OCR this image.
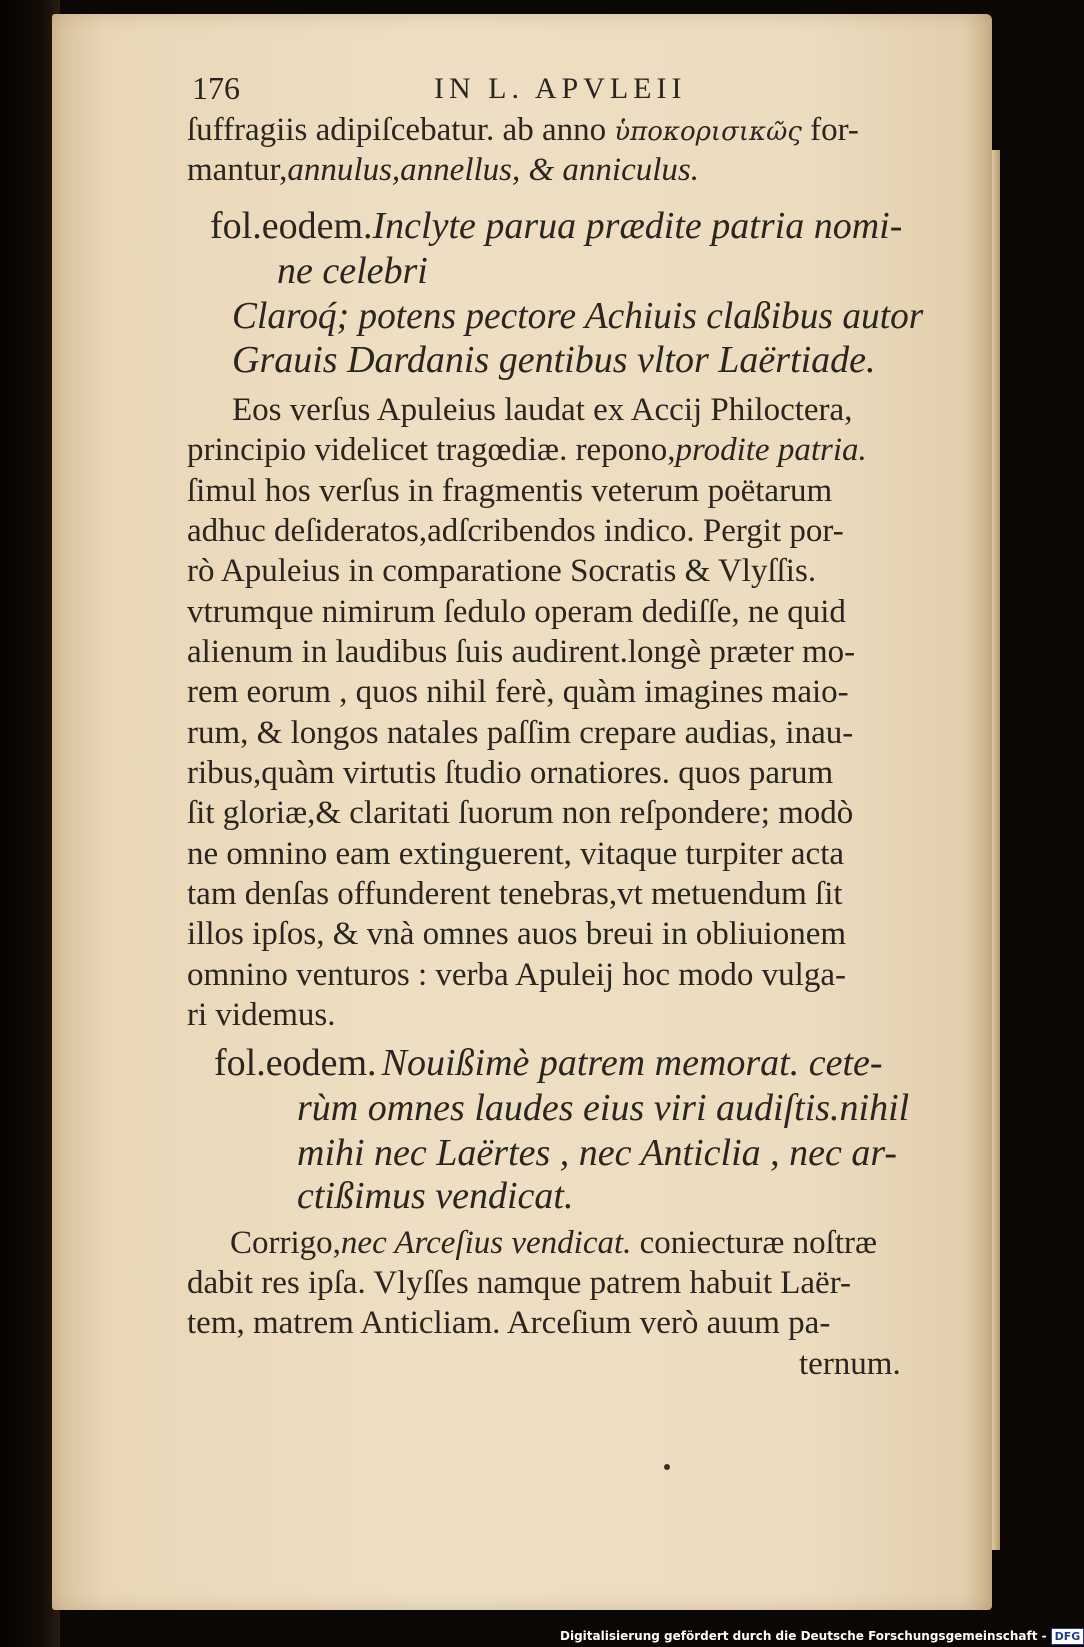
176	IN L. APVLEII
ſuffragiis adipiſcebatur. ab anno ὑποκορισικῶς for-
mantur,annulus,annellus, & anniculus.
fol.eodem.Inclyte parua prædite patria nomi-
ne celebri
Claroq́; potens pectore Achiuis claßibus autor
Grauis Dardanis gentibus vltor Laërtiade.
Eos verſus Apuleius laudat ex Accij Philoctera,
principio videlicet tragœdiæ. repono,prodite patria.
ſimul hos verſus in fragmentis veterum poëtarum
adhuc deſideratos,adſcribendos indico. Pergit por-
rò Apuleius in comparatione Socratis & Vlyſſis.
vtrumque nimirum ſedulo operam dediſſe, ne quid
alienum in laudibus ſuis audirent.longè præter mo-
rem eorum , quos nihil ferè, quàm imagines maio-
rum, & longos natales paſſim crepare audias, inau-
ribus,quàm virtutis ſtudio ornatiores. quos parum
ſit gloriæ,& claritati ſuorum non reſpondere; modò
ne omnino eam extinguerent, vitaque turpiter acta
tam denſas offunderent tenebras,vt metuendum ſit
illos ipſos, & vnà omnes auos breui in obliuionem
omnino venturos : verba Apuleij hoc modo vulga-
ri videmus.
fol.eodem. Nouißimè patrem memorat. cete-
rùm omnes laudes eius viri audiſtis.nihil
mihi nec Laërtes , nec Anticlia , nec ar-
ctißimus vendicat.
Corrigo,nec Arceſius vendicat. coniecturæ noſtræ
dabit res ipſa. Vlyſſes namque patrem habuit Laër-
tem, matrem Anticliam. Arceſium verò auum pa-
ternum.
Digitalisierung gefördert durch die Deutsche Forschungsgemeinschaft - DFG
